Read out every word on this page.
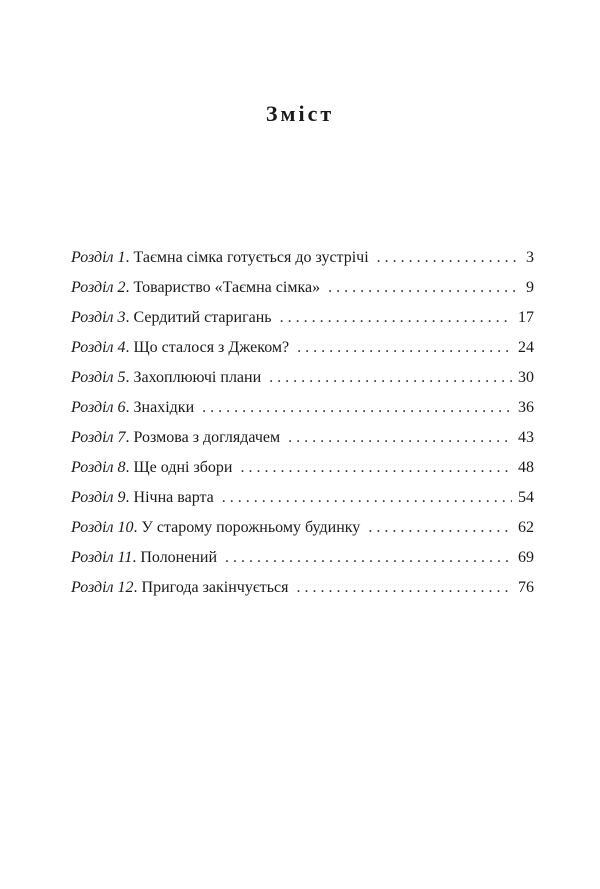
Зміст
Розділ 1. Таємна сімка готується до зустрічі . . .	3
Розділ 2. Товариство «Таємна сімка» . . .	9
Розділ 3. Сердитий старигань . . .	17
Розділ 4. Що сталося з Джеком? . . .	24
Розділ 5. Захоплюючі плани . . .	30
Розділ 6. Знахідки . . .	36
Розділ 7. Розмова з доглядачем . . .	43
Розділ 8. Ще одні збори . . .	48
Розділ 9. Нічна варта . . .	54
Розділ 10. У старому порожньому будинку . . .	62
Розділ 11. Полонений . . .	69
Розділ 12. Пригода закінчується . . .	76
